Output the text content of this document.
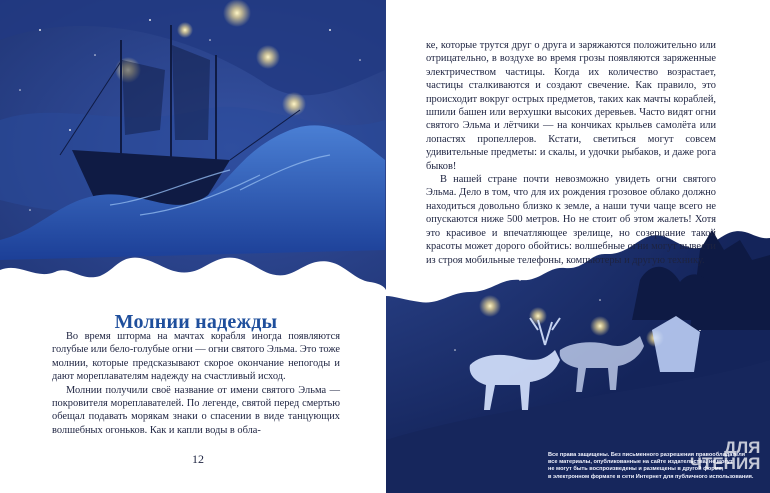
Молнии надежды

Во время шторма на мачтах корабля иногда появляются голубые или бело-голубые огни — огни святого Эльма. Это тоже молнии, которые предсказывают скорое окончание непогоды и дают мореплавателям надежду на счастливый исход.

Молнии получили своё название от имени святого Эльма — покровителя мореплавателей. По легенде, святой перед смертью обещал подавать морякам знаки о спасении в виде танцующих волшебных огоньков. Как и капли воды в обла-

12

ке, которые трутся друг о друга и заряжаются положительно или отрицательно, в воздухе во время грозы появляются заряженные электричеством частицы. Когда их количество возрастает, частицы сталкиваются и создают свечение. Как правило, это происходит вокруг острых предметов, таких как мачты кораблей, шпили башен или верхушки высоких деревьев. Часто видят огни святого Эльма и лётчики — на кончиках крыльев самолёта или лопастях пропеллеров. Кстати, светиться могут совсем удивительные предметы: и скалы, и удочки рыбаков, и даже рога быков!

В нашей стране почти невозможно увидеть огни святого Эльма. Дело в том, что для их рождения грозовое облако должно находиться довольно близко к земле, а наши тучи чаще всего не опускаются ниже 500 метров. Но не стоит об этом жалеть! Хотя это красивое и впечатляющее зрелище, но созерцание такой красоты может дорого обойтись: волшебные огни могут вывести из строя мобильные телефоны, компьютеры и другую технику.

Все права защищены. Без письменного разрешения правообладателя

все материалы, опубликованные на сайте издательства, не могут

не могут быть воспроизведены и размещены в другой форме,

в электронном формате в сети Интернет для публичного использования.

ДЛЯ
ЧТЕНИЯ
